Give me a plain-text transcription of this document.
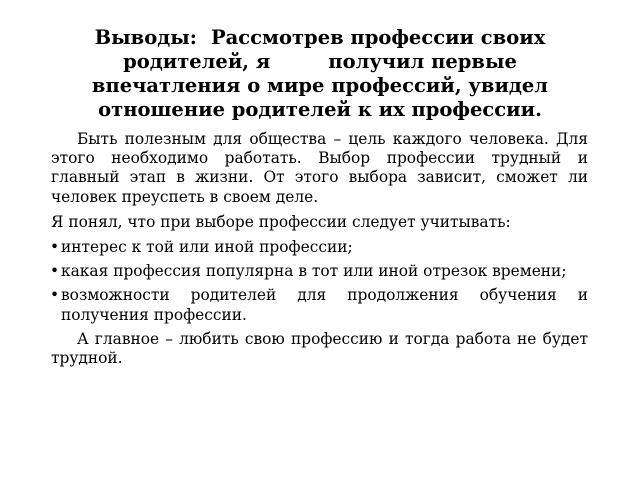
Выводы: Рассмотрев профессии своих
родителей, я	получил первые
впечатления о мире профессий, увидел
отношение родителей к их профессии.

Быть полезным для общества – цель каждого человека. Для этого необходимо работать. Выбор профессии трудный и главный этап в жизни. От этого выбора зависит, сможет ли человек преуспеть в своем деле.

Я понял, что при выборе профессии следует учитывать:

• интерес к той или иной профессии;
• какая профессия популярна в тот или иной отрезок времени;
• возможности родителей для продолжения обучения и получения профессии.

А главное – любить свою профессию и тогда работа не будет трудной.
